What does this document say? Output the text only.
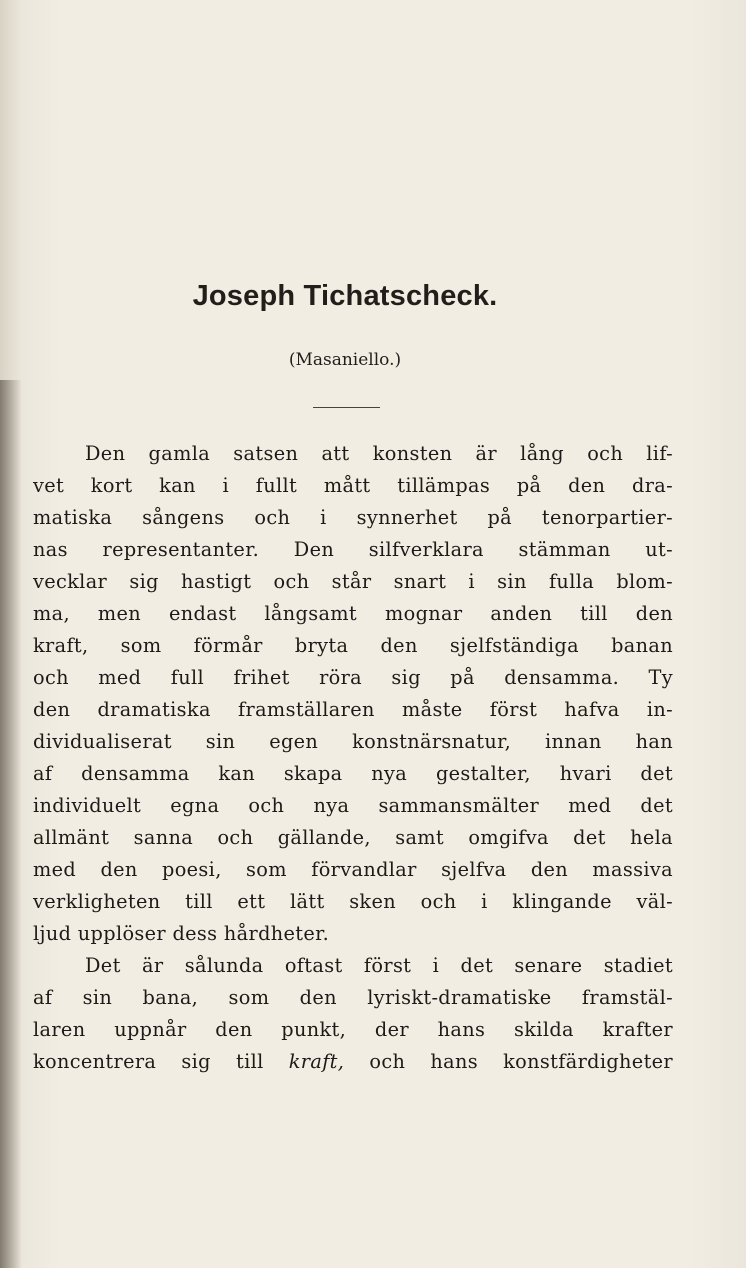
Joseph Tichatscheck.
(Masaniello.)
Den gamla satsen att konsten är lång och lif-
vet kort kan i fullt mått tillämpas på den dra-
matiska sångens och i synnerhet på tenorpartier-
nas representanter. Den silfverklara stämman ut-
vecklar sig hastigt och står snart i sin fulla blom-
ma, men endast långsamt mognar anden till den
kraft, som förmår bryta den sjelfständiga banan
och med full frihet röra sig på densamma. Ty
den dramatiska framställaren måste först hafva in-
dividualiserat sin egen konstnärsnatur, innan han
af densamma kan skapa nya gestalter, hvari det
individuelt egna och nya sammansmälter med det
allmänt sanna och gällande, samt omgifva det hela
med den poesi, som förvandlar sjelfva den massiva
verkligheten till ett lätt sken och i klingande väl-
ljud upplöser dess hårdheter.
Det är sålunda oftast först i det senare stadiet
af sin bana, som den lyriskt-dramatiske framstäl-
laren uppnår den punkt, der hans skilda krafter
koncentrera sig till kraft, och hans konstfärdigheter
